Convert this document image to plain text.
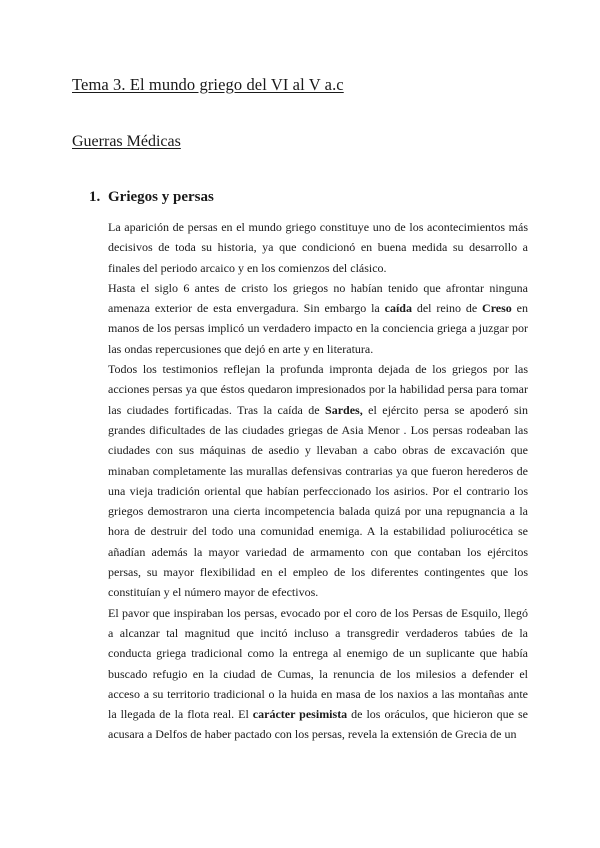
Tema 3. El mundo griego del VI al V a.c
Guerras Médicas
1. Griegos y persas

La aparición de persas en el mundo griego constituye uno de los acontecimientos más decisivos de toda su historia, ya que condicionó en buena medida su desarrollo a finales del periodo arcaico y en los comienzos del clásico.

Hasta el siglo 6 antes de cristo los griegos no habían tenido que afrontar ninguna amenaza exterior de esta envergadura. Sin embargo la caída del reino de Creso en manos de los persas implicó un verdadero impacto en la conciencia griega a juzgar por las ondas repercusiones que dejó en arte y en literatura.

Todos los testimonios reflejan la profunda impronta dejada de los griegos por las acciones persas ya que éstos quedaron impresionados por la habilidad persa para tomar las ciudades fortificadas. Tras la caída de Sardes, el ejército persa se apoderó sin grandes dificultades de las ciudades griegas de Asia Menor . Los persas rodeaban las ciudades con sus máquinas de asedio y llevaban a cabo obras de excavación que minaban completamente las murallas defensivas contrarias ya que fueron herederos de una vieja tradición oriental que habían perfeccionado los asirios. Por el contrario los griegos demostraron una cierta incompetencia balada quizá por una repugnancia a la hora de destruir del todo una comunidad enemiga. A la estabilidad poliurocética se añadían además la mayor variedad de armamento con que contaban los ejércitos persas, su mayor flexibilidad en el empleo de los diferentes contingentes que los constituían y el número mayor de efectivos.

El pavor que inspiraban los persas, evocado por el coro de los Persas de Esquilo, llegó a alcanzar tal magnitud que incitó incluso a transgredir verdaderos tabúes de la conducta griega tradicional como la entrega al enemigo de un suplicante que había buscado refugio en la ciudad de Cumas, la renuncia de los milesios a defender el acceso a su territorio tradicional o la huida en masa de los naxios a las montañas ante la llegada de la flota real. El carácter pesimista de los oráculos, que hicieron que se acusara a Delfos de haber pactado con los persas, revela la extensión de Grecia de un
